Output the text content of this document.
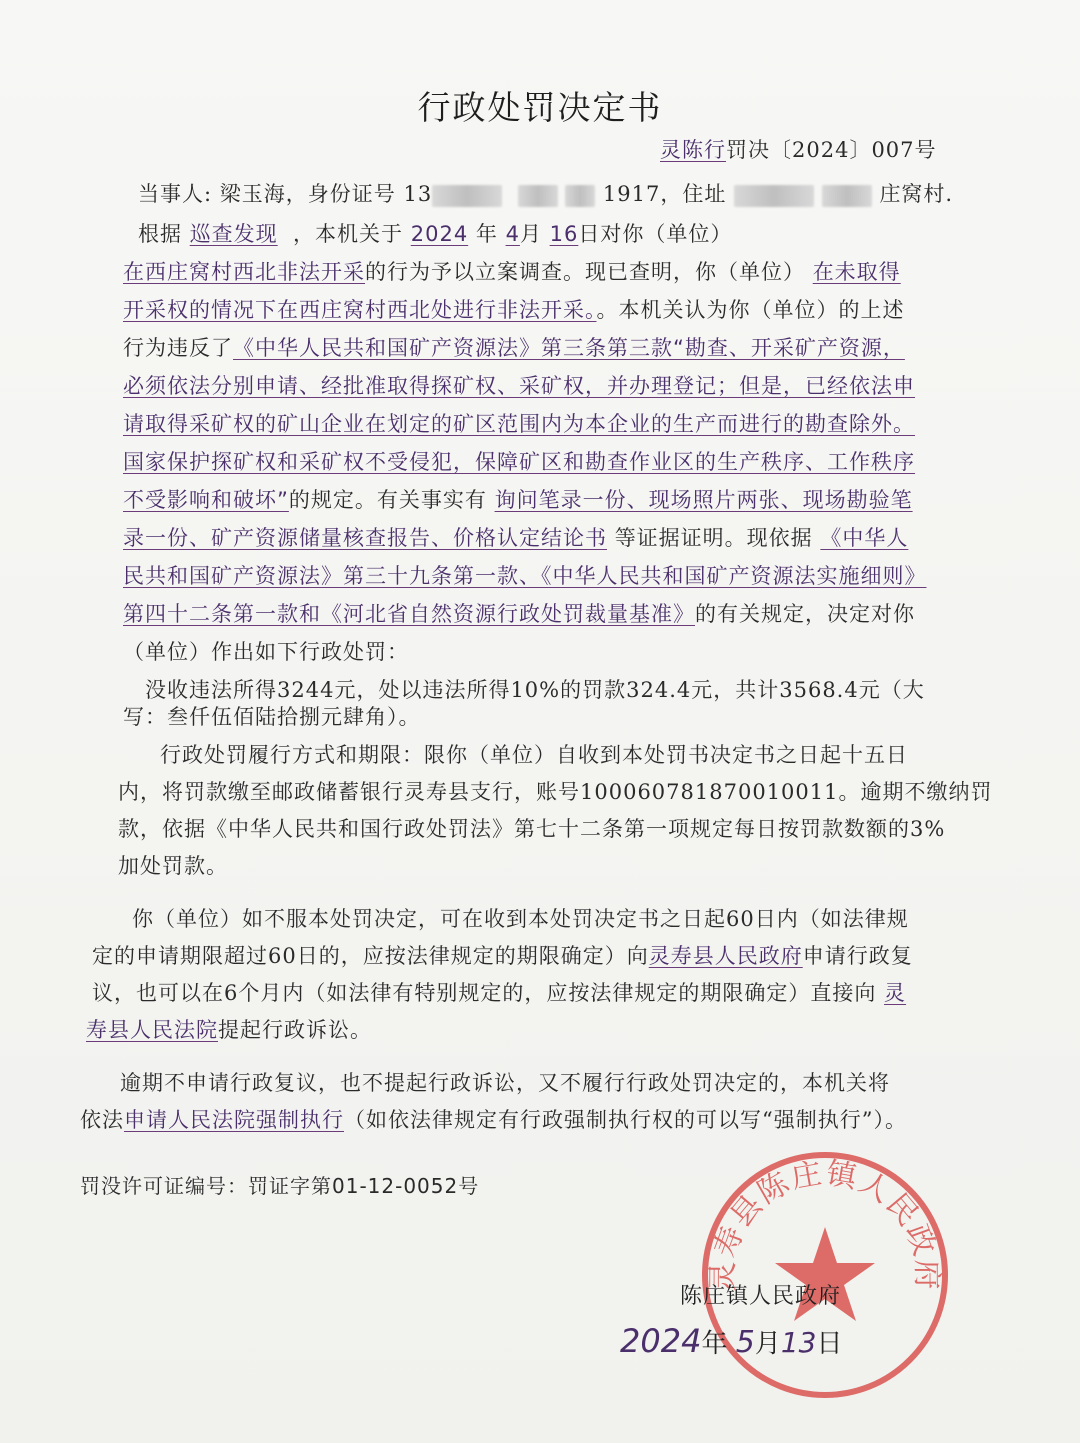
行政处罚决定书
灵陈行罚决〔2024〕007号
当事人: 梁玉海，身份证号 13	1917，住址	庄窝村.
根据 巡查发现 ，本机关于 2024 年 4月 16日对你（单位）
在西庄窝村西北非法开采的行为予以立案调查。现已查明，你（单位） 在未取得
开采权的情况下在西庄窝村西北处进行非法开采。。本机关认为你（单位）的上述
行为违反了《中华人民共和国矿产资源法》第三条第三款“勘查、开采矿产资源，
必须依法分别申请、经批准取得探矿权、采矿权，并办理登记；但是，已经依法申
请取得采矿权的矿山企业在划定的矿区范围内为本企业的生产而进行的勘查除外。
国家保护探矿权和采矿权不受侵犯，保障矿区和勘查作业区的生产秩序、工作秩序
不受影响和破坏”的规定。有关事实有 询问笔录一份、现场照片两张、现场勘验笔
录一份、矿产资源储量核查报告、价格认定结论书 等证据证明。现依据 《中华人
民共和国矿产资源法》第三十九条第一款、《中华人民共和国矿产资源法实施细则》
第四十二条第一款和《河北省自然资源行政处罚裁量基准》的有关规定，决定对你
（单位）作出如下行政处罚：
没收违法所得3244元，处以违法所得10%的罚款324.4元，共计3568.4元（大
写：叁仟伍佰陆拾捌元肆角）。
行政处罚履行方式和期限：限你（单位）自收到本处罚书决定书之日起十五日
内，将罚款缴至邮政储蓄银行灵寿县支行，账号100060781870010011。逾期不缴纳罚
款，依据《中华人民共和国行政处罚法》第七十二条第一项规定每日按罚款数额的3%
加处罚款。
你（单位）如不服本处罚决定，可在收到本处罚决定书之日起60日内（如法律规
定的申请期限超过60日的，应按法律规定的期限确定）向灵寿县人民政府申请行政复
议，也可以在6个月内（如法律有特别规定的，应按法律规定的期限确定）直接向 灵
寿县人民法院提起行政诉讼。
逾期不申请行政复议，也不提起行政诉讼，又不履行行政处罚决定的，本机关将
依法申请人民法院强制执行（如依法律规定有行政强制执行权的可以写“强制执行”）。
罚没许可证编号：罚证字第01-12-0052号
灵寿县陈庄镇人民政府
陈庄镇人民政府
2024年 5月13日
